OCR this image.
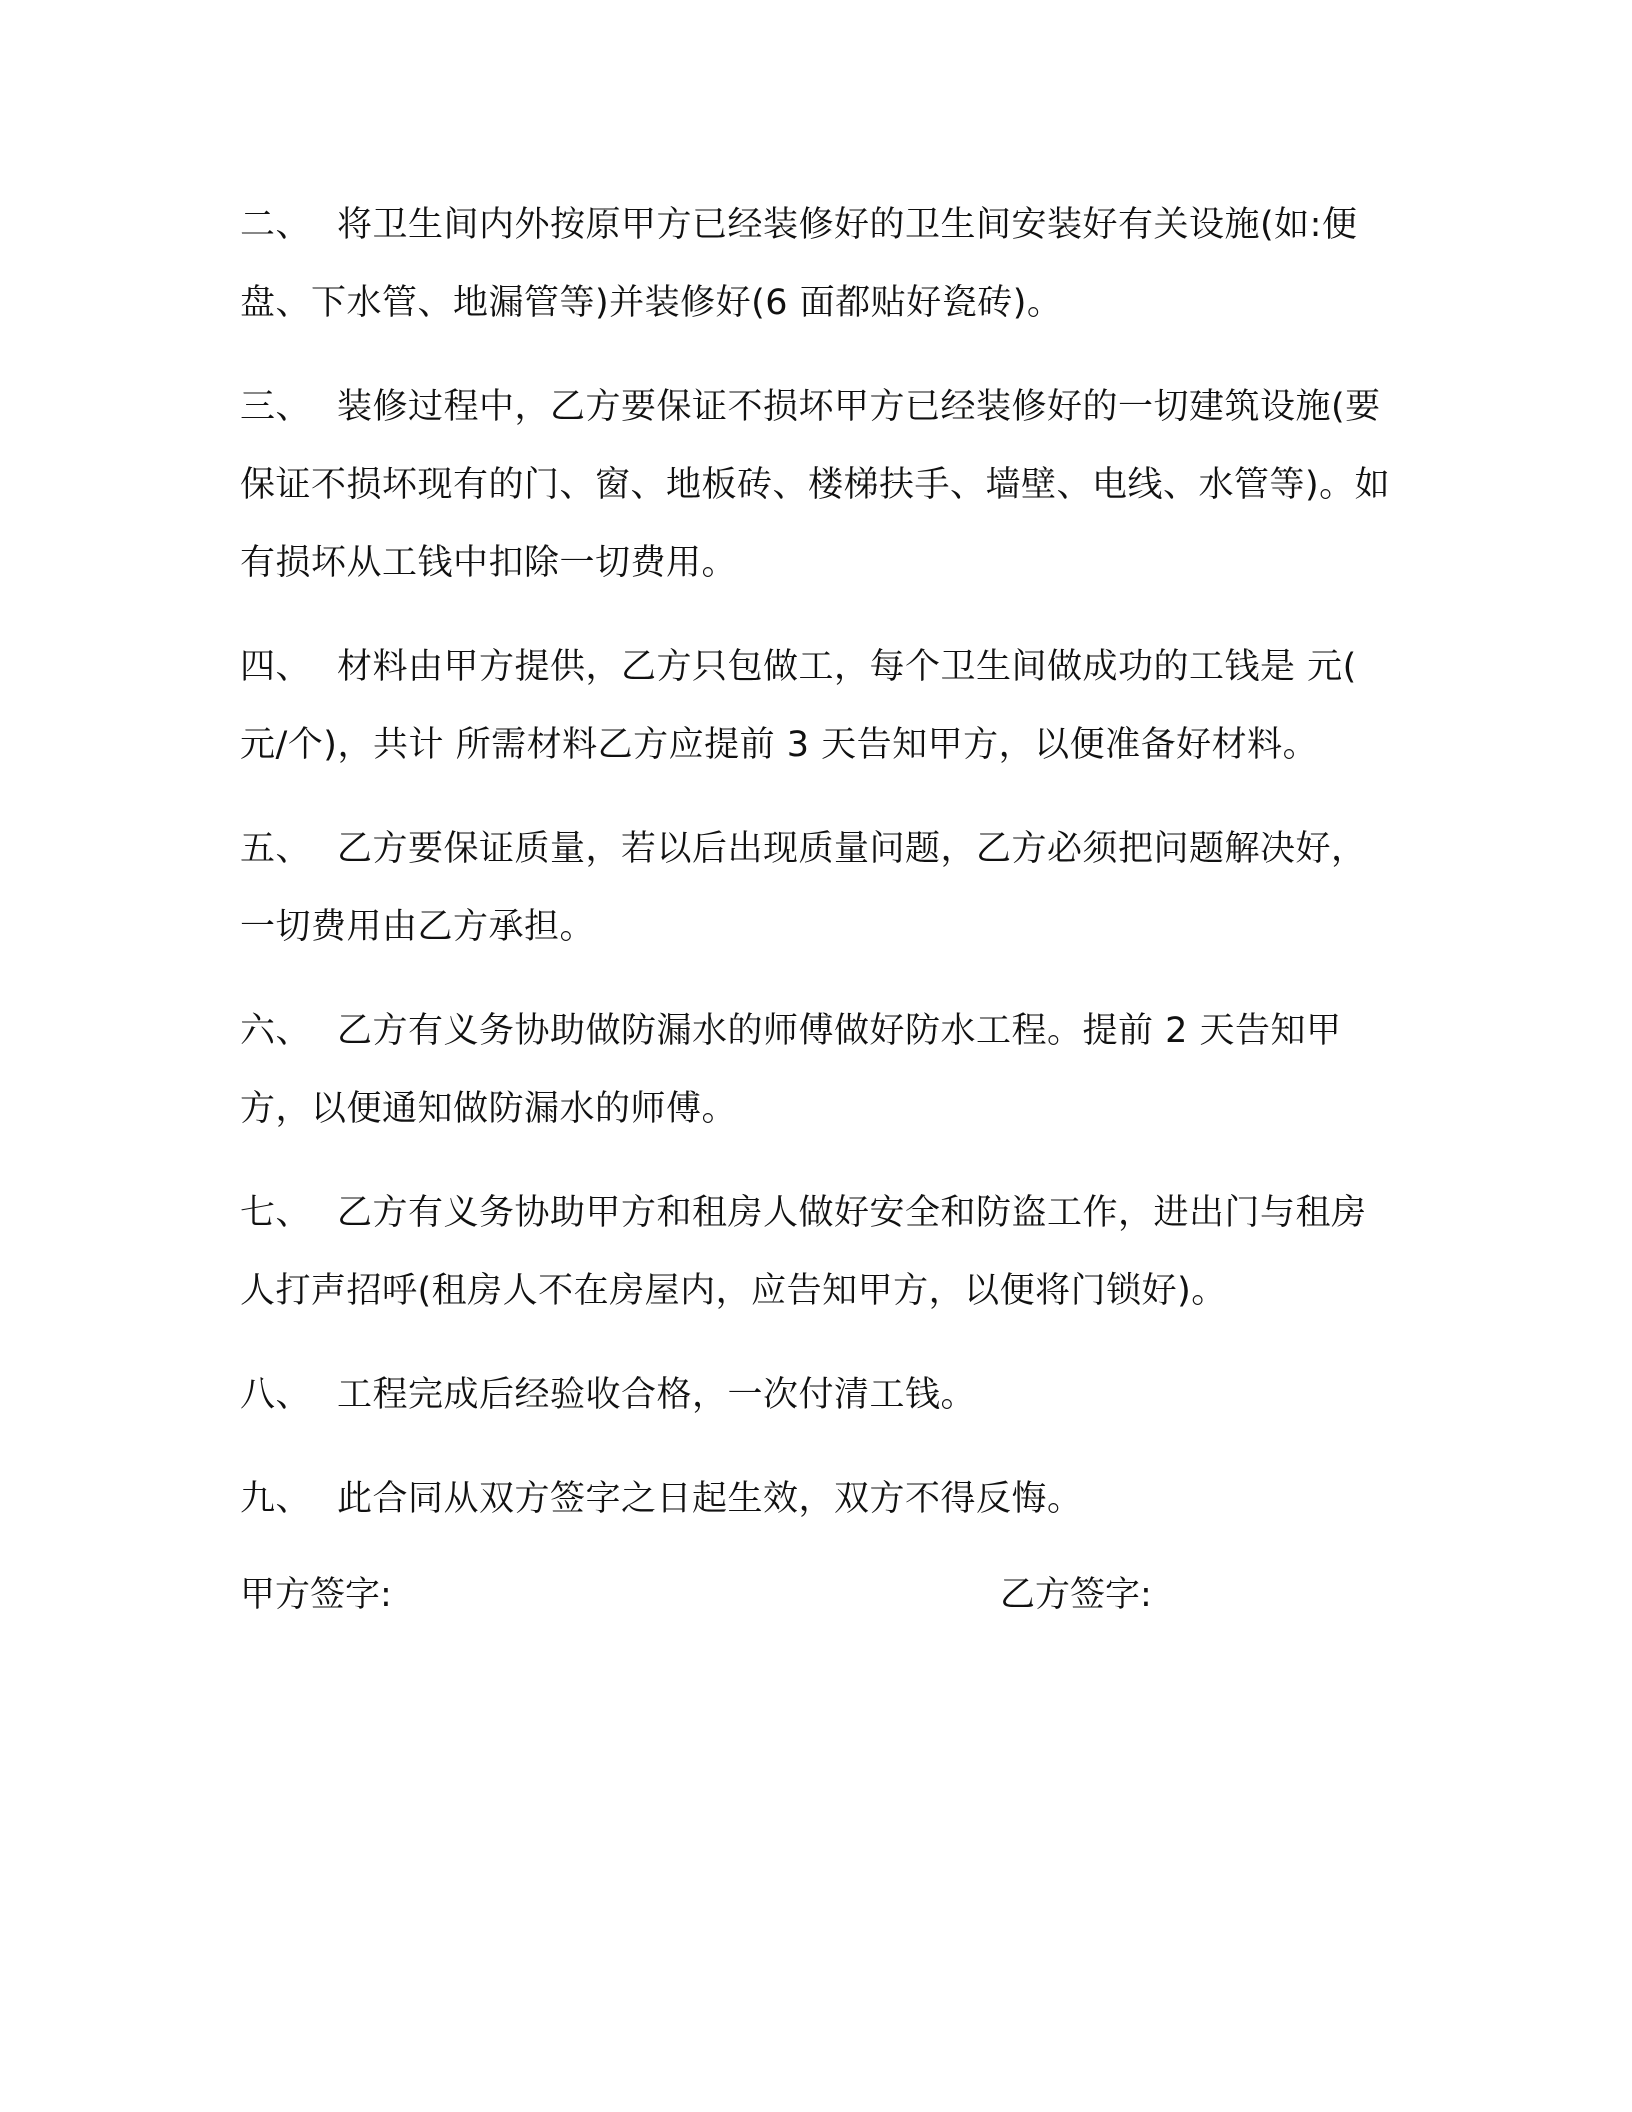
二、 将卫生间内外按原甲方已经装修好的卫生间安装好有关设施(如:便盘、下水管、地漏管等)并装修好(6 面都贴好瓷砖)。

三、 装修过程中，乙方要保证不损坏甲方已经装修好的一切建筑设施(要保证不损坏现有的门、窗、地板砖、楼梯扶手、墙壁、电线、水管等)。如有损坏从工钱中扣除一切费用。

四、 材料由甲方提供，乙方只包做工，每个卫生间做成功的工钱是 元( 元/个)，共计 所需材料乙方应提前 3 天告知甲方，以便准备好材料。

五、 乙方要保证质量，若以后出现质量问题，乙方必须把问题解决好，一切费用由乙方承担。

六、 乙方有义务协助做防漏水的师傅做好防水工程。提前 2 天告知甲方，以便通知做防漏水的师傅。

七、 乙方有义务协助甲方和租房人做好安全和防盗工作，进出门与租房人打声招呼(租房人不在房屋内，应告知甲方，以便将门锁好)。

八、 工程完成后经验收合格，一次付清工钱。

九、 此合同从双方签字之日起生效，双方不得反悔。

甲方签字:	乙方签字:
